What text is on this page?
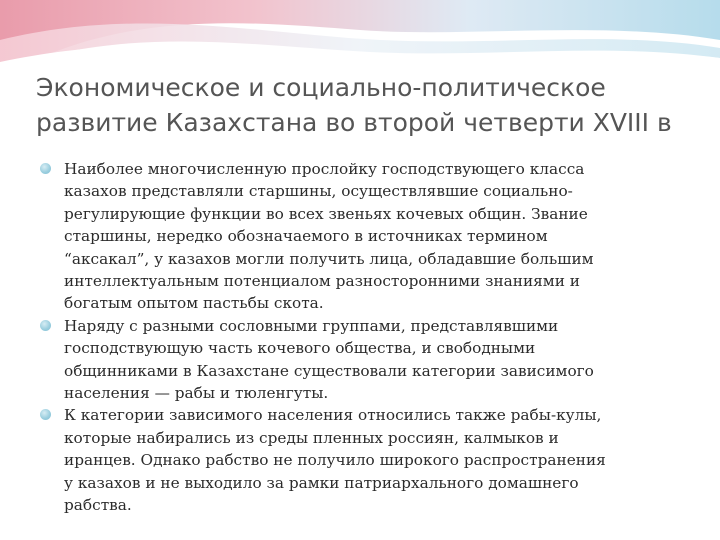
Экономическое и социально-политическое
развитие Казахстана во второй четверти XVIII в
Наиболее многочисленную прослойку господствующего класса
казахов представляли старшины, осуществлявшие социально-
регулирующие функции во всех звеньях кочевых общин. Звание
старшины, нередко обозначаемого в источниках термином
“аксакал”, у казахов могли получить лица, обладавшие большим
интеллектуальным потенциалом разносторонними знаниями и
богатым опытом пастьбы скота.
Наряду с разными сословными группами, представлявшими
господствующую часть кочевого общества, и свободными
общинниками в Казахстане существовали категории зависимого
населения — рабы и тюленгуты.
К категории зависимого населения относились также рабы-кулы,
которые набирались из среды пленных россиян, калмыков и
иранцев. Однако рабство не получило широкого распространения
у казахов и не выходило за рамки патриархального домашнего
рабства.
